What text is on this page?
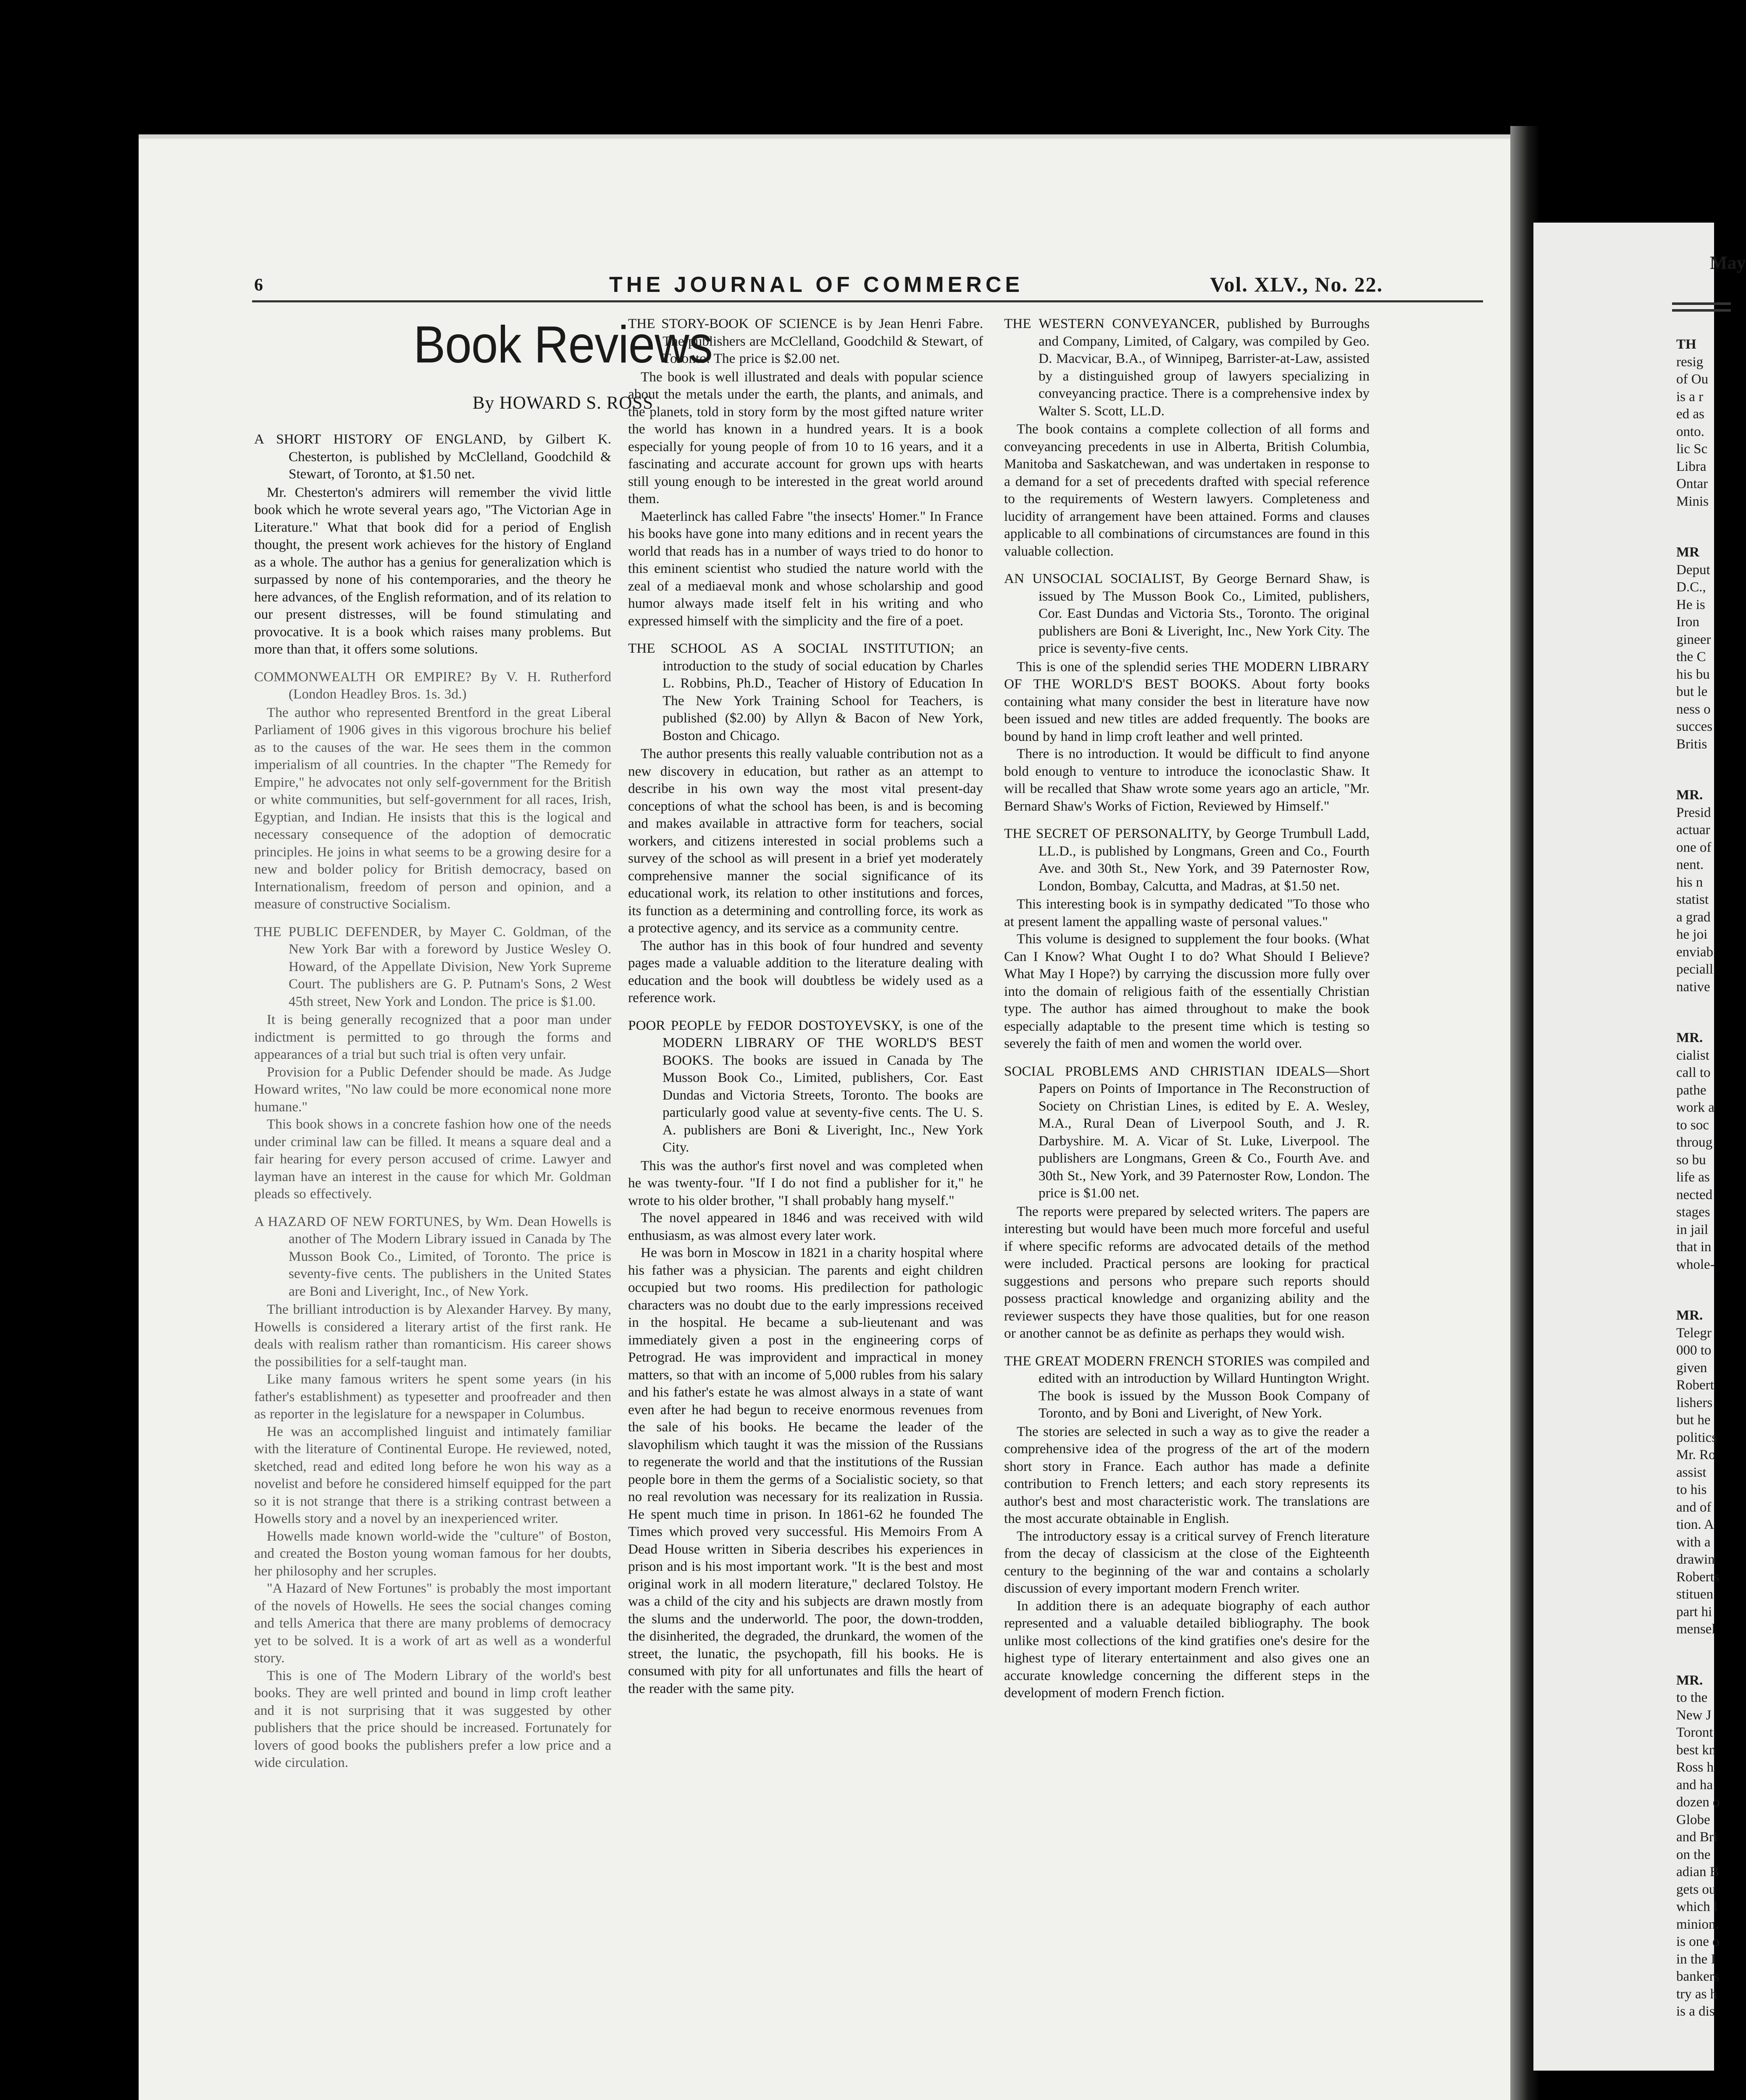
6	THE JOURNAL OF COMMERCE	Vol. XLV., No. 22.
Book Reviews
By HOWARD S. ROSS

A SHORT HISTORY OF ENGLAND, by Gilbert K. Chesterton, is published by McClelland, Goodchild & Stewart, of Toronto, at $1.50 net.

Mr. Chesterton's admirers will remember the vivid little book which he wrote several years ago, "The Victorian Age in Literature." What that book did for a period of English thought, the present work achieves for the history of England as a whole. The author has a genius for generalization which is surpassed by none of his contemporaries, and the theory he here advances, of the English reformation, and of its relation to our present distresses, will be found stimulating and provocative. It is a book which raises many problems. But more than that, it offers some solutions.

COMMONWEALTH OR EMPIRE? By V. H. Rutherford (London Headley Bros. 1s. 3d.)

The author who represented Brentford in the great Liberal Parliament of 1906 gives in this vigorous brochure his belief as to the causes of the war. He sees them in the common imperialism of all countries. In the chapter "The Remedy for Empire," he advocates not only self-government for the British or white communities, but self-government for all races, Irish, Egyptian, and Indian. He insists that this is the logical and necessary consequence of the adoption of democratic principles. He joins in what seems to be a growing desire for a new and bolder policy for British democracy, based on Internationalism, freedom of person and opinion, and a measure of constructive Socialism.

THE PUBLIC DEFENDER, by Mayer C. Goldman, of the New York Bar with a foreword by Justice Wesley O. Howard, of the Appellate Division, New York Supreme Court. The publishers are G. P. Putnam's Sons, 2 West 45th street, New York and London. The price is $1.00.

It is being generally recognized that a poor man under indictment is permitted to go through the forms and appearances of a trial but such trial is often very unfair.

Provision for a Public Defender should be made. As Judge Howard writes, "No law could be more economical none more humane."

This book shows in a concrete fashion how one of the needs under criminal law can be filled. It means a square deal and a fair hearing for every person accused of crime. Lawyer and layman have an interest in the cause for which Mr. Goldman pleads so effectively.

A HAZARD OF NEW FORTUNES, by Wm. Dean Howells is another of The Modern Library issued in Canada by The Musson Book Co., Limited, of Toronto. The price is seventy-five cents. The publishers in the United States are Boni and Liveright, Inc., of New York.

The brilliant introduction is by Alexander Harvey. By many, Howells is considered a literary artist of the first rank. He deals with realism rather than romanticism. His career shows the possibilities for a self-taught man.

Like many famous writers he spent some years (in his father's establishment) as typesetter and proofreader and then as reporter in the legislature for a newspaper in Columbus.

He was an accomplished linguist and intimately familiar with the literature of Continental Europe. He reviewed, noted, sketched, read and edited long before he won his way as a novelist and before he considered himself equipped for the part so it is not strange that there is a striking contrast between a Howells story and a novel by an inexperienced writer.

Howells made known world-wide the "culture" of Boston, and created the Boston young woman famous for her doubts, her philosophy and her scruples.

"A Hazard of New Fortunes" is probably the most important of the novels of Howells. He sees the social changes coming and tells America that there are many problems of democracy yet to be solved. It is a work of art as well as a wonderful story.

This is one of The Modern Library of the world's best books. They are well printed and bound in limp croft leather and it is not surprising that it was suggested by other publishers that the price should be increased. Fortunately for lovers of good books the publishers prefer a low price and a wide circulation.

THE STORY-BOOK OF SCIENCE is by Jean Henri Fabre. The publishers are McClelland, Goodchild & Stewart, of Toronto. The price is $2.00 net.

The book is well illustrated and deals with popular science about the metals under the earth, the plants, and animals, and the planets, told in story form by the most gifted nature writer the world has known in a hundred years. It is a book especially for young people of from 10 to 16 years, and it a fascinating and accurate account for grown ups with hearts still young enough to be interested in the great world around them.

Maeterlinck has called Fabre "the insects' Homer." In France his books have gone into many editions and in recent years the world that reads has in a number of ways tried to do honor to this eminent scientist who studied the nature world with the zeal of a mediaeval monk and whose scholarship and good humor always made itself felt in his writing and who expressed himself with the simplicity and the fire of a poet.

THE SCHOOL AS A SOCIAL INSTITUTION; an introduction to the study of social education by Charles L. Robbins, Ph.D., Teacher of History of Education In The New York Training School for Teachers, is published ($2.00) by Allyn & Bacon of New York, Boston and Chicago.

The author presents this really valuable contribution not as a new discovery in education, but rather as an attempt to describe in his own way the most vital present-day conceptions of what the school has been, is and is becoming and makes available in attractive form for teachers, social workers, and citizens interested in social problems such a survey of the school as will present in a brief yet moderately comprehensive manner the social significance of its educational work, its relation to other institutions and forces, its function as a determining and controlling force, its work as a protective agency, and its service as a community centre.

The author has in this book of four hundred and seventy pages made a valuable addition to the literature dealing with education and the book will doubtless be widely used as a reference work.

POOR PEOPLE by FEDOR DOSTOYEVSKY, is one of the MODERN LIBRARY OF THE WORLD'S BEST BOOKS. The books are issued in Canada by The Musson Book Co., Limited, publishers, Cor. East Dundas and Victoria Streets, Toronto. The books are particularly good value at seventy-five cents. The U. S. A. publishers are Boni & Liveright, Inc., New York City.

This was the author's first novel and was completed when he was twenty-four. "If I do not find a publisher for it," he wrote to his older brother, "I shall probably hang myself."

The novel appeared in 1846 and was received with wild enthusiasm, as was almost every later work.

He was born in Moscow in 1821 in a charity hospital where his father was a physician. The parents and eight children occupied but two rooms. His predilection for pathologic characters was no doubt due to the early impressions received in the hospital. He became a sub-lieutenant and was immediately given a post in the engineering corps of Petrograd. He was improvident and impractical in money matters, so that with an income of 5,000 rubles from his salary and his father's estate he was almost always in a state of want even after he had begun to receive enormous revenues from the sale of his books. He became the leader of the slavophilism which taught it was the mission of the Russians to regenerate the world and that the institutions of the Russian people bore in them the germs of a Socialistic society, so that no real revolution was necessary for its realization in Russia. He spent much time in prison. In 1861-62 he founded The Times which proved very successful. His Memoirs From A Dead House written in Siberia describes his experiences in prison and is his most important work. "It is the best and most original work in all modern literature," declared Tolstoy. He was a child of the city and his subjects are drawn mostly from the slums and the underworld. The poor, the down-trodden, the disinherited, the degraded, the drunkard, the women of the street, the lunatic, the psychopath, fill his books. He is consumed with pity for all unfortunates and fills the heart of the reader with the same pity.

THE WESTERN CONVEYANCER, published by Burroughs and Company, Limited, of Calgary, was compiled by Geo. D. Macvicar, B.A., of Winnipeg, Barrister-at-Law, assisted by a distinguished group of lawyers specializing in conveyancing practice. There is a comprehensive index by Walter S. Scott, LL.D.

The book contains a complete collection of all forms and conveyancing precedents in use in Alberta, British Columbia, Manitoba and Saskatchewan, and was undertaken in response to a demand for a set of precedents drafted with special reference to the requirements of Western lawyers. Completeness and lucidity of arrangement have been attained. Forms and clauses applicable to all combinations of circumstances are found in this valuable collection.

AN UNSOCIAL SOCIALIST, By George Bernard Shaw, is issued by The Musson Book Co., Limited, publishers, Cor. East Dundas and Victoria Sts., Toronto. The original publishers are Boni & Liveright, Inc., New York City. The price is seventy-five cents.

This is one of the splendid series THE MODERN LIBRARY OF THE WORLD'S BEST BOOKS. About forty books containing what many consider the best in literature have now been issued and new titles are added frequently. The books are bound by hand in limp croft leather and well printed.

There is no introduction. It would be difficult to find anyone bold enough to venture to introduce the iconoclastic Shaw. It will be recalled that Shaw wrote some years ago an article, "Mr. Bernard Shaw's Works of Fiction, Reviewed by Himself."

THE SECRET OF PERSONALITY, by George Trumbull Ladd, LL.D., is published by Longmans, Green and Co., Fourth Ave. and 30th St., New York, and 39 Paternoster Row, London, Bombay, Calcutta, and Madras, at $1.50 net.

This interesting book is in sympathy dedicated "To those who at present lament the appalling waste of personal values."

This volume is designed to supplement the four books. (What Can I Know? What Ought I to do? What Should I Believe? What May I Hope?) by carrying the discussion more fully over into the domain of religious faith of the essentially Christian type. The author has aimed throughout to make the book especially adaptable to the present time which is testing so severely the faith of men and women the world over.

SOCIAL PROBLEMS AND CHRISTIAN IDEALS—Short Papers on Points of Importance in The Reconstruction of Society on Christian Lines, is edited by E. A. Wesley, M.A., Rural Dean of Liverpool South, and J. R. Darbyshire. M. A. Vicar of St. Luke, Liverpool. The publishers are Longmans, Green & Co., Fourth Ave. and 30th St., New York, and 39 Paternoster Row, London. The price is $1.00 net.

The reports were prepared by selected writers. The papers are interesting but would have been much more forceful and useful if where specific reforms are advocated details of the method were included. Practical persons are looking for practical suggestions and persons who prepare such reports should possess practical knowledge and organizing ability and the reviewer suspects they have those qualities, but for one reason or another cannot be as definite as perhaps they would wish.

THE GREAT MODERN FRENCH STORIES was compiled and edited with an introduction by Willard Huntington Wright. The book is issued by the Musson Book Company of Toronto, and by Boni and Liveright, of New York.

The stories are selected in such a way as to give the reader a comprehensive idea of the progress of the art of the modern short story in France. Each author has made a definite contribution to French letters; and each story represents its author's best and most characteristic work. The translations are the most accurate obtainable in English.

The introductory essay is a critical survey of French literature from the decay of classicism at the close of the Eighteenth century to the beginning of the war and contains a scholarly discussion of every important modern French writer.

In addition there is an adequate biography of each author represented and a valuable detailed bibliography. The book unlike most collections of the kind gratifies one's desire for the highest type of literary entertainment and also gives one an accurate knowledge concerning the different steps in the development of modern French fiction.

May
TH
resig
of Ou
is a r
ed as
onto.
lic Sc
Libra
Ontar
Minis
MR
Deput
D.C.,
He is
Iron
gineer
the C
his bu
but le
ness o
succes
Britis
MR.
Presid
actuar
one of
nent.
his n
statist
a grad
he joi
enviab
peciall
native
MR.
cialist
call to
pathe
work a
to soc
throug
so bu
life as
nected
stages
in jail
that in
whole-
MR.
Telegr
000 to
given
Robert
lishers
but he
politics
Mr. Ro
assist
to his
and of
tion. A
with a
drawin
Roberts
stituen
part hi
mensel
MR.
to the
New J
Toront
best kn
Ross h
and ha
dozen o
Globe
and Bri
on the
adian B
gets ou
which l
minion.
is one o
in the I
bankers
try as h
is a dis
